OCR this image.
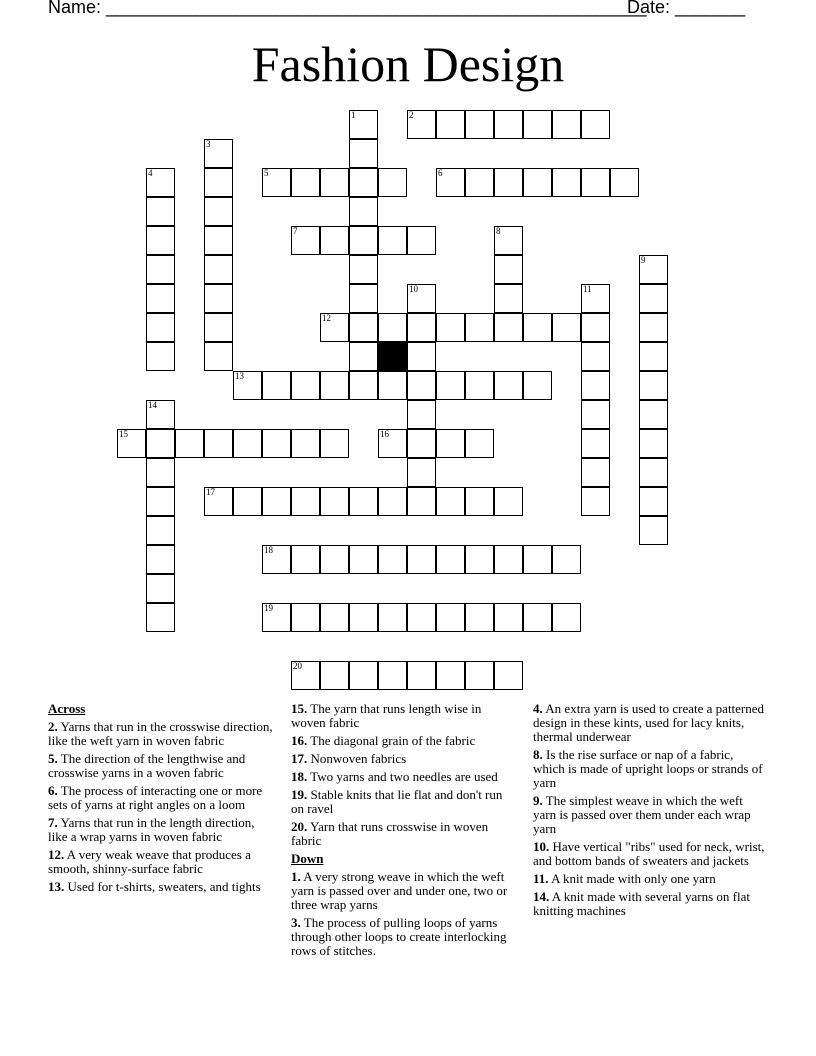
Name: ______________________________________________________
Date: _______
Fashion Design
1	2
3
4	5	6
7	8
9
10	11
12
13
14
15	16
17
18
19
20
Across
2. Yarns that run in the crosswise direction, like the weft yarn in woven fabric
5. The direction of the lengthwise and crosswise yarns in a woven fabric
6. The process of interacting one or more sets of yarns at right angles on a loom
7. Yarns that run in the length direction, like a wrap yarns in woven fabric
12. A very weak weave that produces a smooth, shinny-surface fabric
13. Used for t-shirts, sweaters, and tights
15. The yarn that runs length wise in woven fabric
16. The diagonal grain of the fabric
17. Nonwoven fabrics
18. Two yarns and two needles are used
19. Stable knits that lie flat and don't run on ravel
20. Yarn that runs crosswise in woven fabric
Down
1. A very strong weave in which the weft yarn is passed over and under one, two or three wrap yarns
3. The process of pulling loops of yarns through other loops to create interlocking rows of stitches.
4. An extra yarn is used to create a patterned design in these kints, used for lacy knits, thermal underwear
8. Is the rise surface or nap of a fabric, which is made of upright loops or strands of yarn
9. The simplest weave in which the weft yarn is passed over them under each wrap yarn
10. Have vertical "ribs" used for neck, wrist, and bottom bands of sweaters and jackets
11. A knit made with only one yarn
14. A knit made with several yarns on flat knitting machines
